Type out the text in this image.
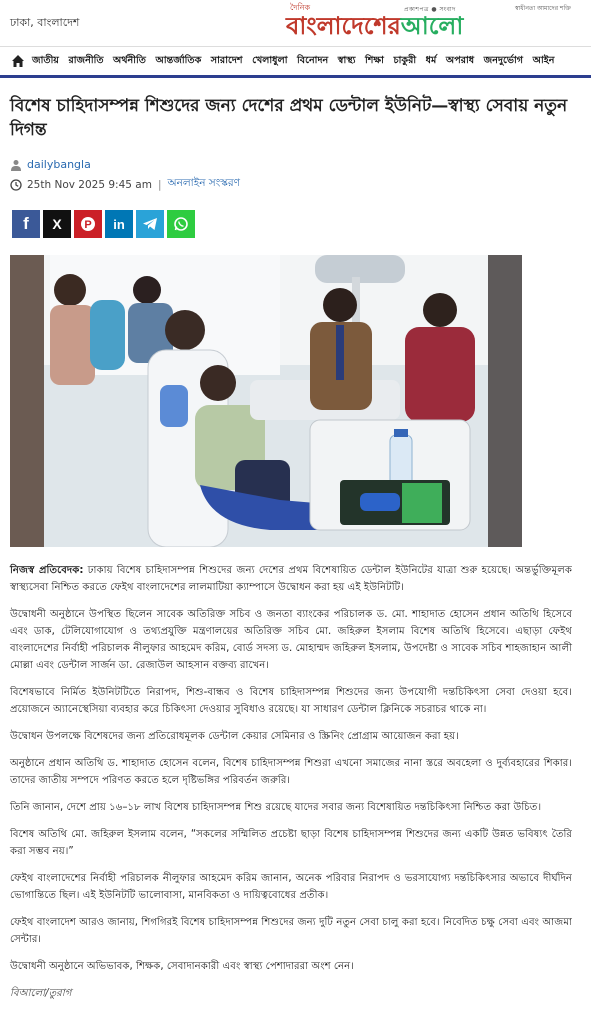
ঢাকা, বাংলাদেশ
দৈনিক	প্রকাশপত্র ● সংবাদ	স্বাধীনতা আমাদের শক্তি
বাংলাদেশেরআলো
জাতীয় রাজনীতি অর্থনীতি আন্তর্জাতিক সারাদেশ খেলাধুলা বিনোদন স্বাস্থ্য শিক্ষা চাকুরী ধর্ম অপরাধ জনদুর্ভোগ আইন
বিশেষ চাহিদাসম্পন্ন শিশুদের জন্য দেশের প্রথম ডেন্টাল ইউনিট—স্বাস্থ্য সেবায় নতুন দিগন্ত
dailybangla
25th Nov 2025 9:45 am | অনলাইন সংস্করণ
f	X	P	in

নিজস্ব প্রতিবেদক: ঢাকায় বিশেষ চাহিদাসম্পন্ন শিশুদের জন্য দেশের প্রথম বিশেষায়িত ডেন্টাল ইউনিটের যাত্রা শুরু হয়েছে। অন্তর্ভুক্তিমূলক স্বাস্থ্যসেবা নিশ্চিত করতে ফেইথ বাংলাদেশের লালমাটিয়া ক্যাম্পাসে উদ্বোধন করা হয় এই ইউনিটটি।

উদ্বোধনী অনুষ্ঠানে উপস্থিত ছিলেন সাবেক অতিরিক্ত সচিব ও জনতা ব্যাংকের পরিচালক ড. মো. শাহাদাত হোসেন প্রধান অতিথি হিসেবে এবং ডাক, টেলিযোগাযোগ ও তথ্যপ্রযুক্তি মন্ত্রণালয়ের অতিরিক্ত সচিব মো. জহিরুল ইসলাম বিশেষ অতিথি হিসেবে। এছাড়া ফেইথ বাংলাদেশের নির্বাহী পরিচালক নীলুফার আহমেদ করিম, বোর্ড সদস্য ড. মোহাম্মদ জহিরুল ইসলাম, উপদেষ্টা ও সাবেক সচিব শাহজাহান আলী মোল্লা এবং ডেন্টাল সার্জন ডা. রেজাউল আহসান বক্তব্য রাখেন।

বিশেষভাবে নির্মিত ইউনিটটিতে নিরাপদ, শিশু-বান্ধব ও বিশেষ চাহিদাসম্পন্ন শিশুদের জন্য উপযোগী দন্তচিকিৎসা সেবা দেওয়া হবে। প্রয়োজনে অ্যানেস্থেসিয়া ব্যবহার করে চিকিৎসা দেওয়ার সুবিধাও রয়েছে। যা সাধারণ ডেন্টাল ক্লিনিকে সচরাচর থাকে না।

উদ্বোধন উপলক্ষে বিশেষদের জন্য প্রতিরোধমূলক ডেন্টাল কেয়ার সেমিনার ও স্ক্রিনিং প্রোগ্রাম আয়োজন করা হয়।

অনুষ্ঠানে প্রধান অতিথি ড. শাহাদাত হোসেন বলেন, বিশেষ চাহিদাসম্পন্ন শিশুরা এখনো সমাজের নানা স্তরে অবহেলা ও দুর্ব্যবহারের শিকার। তাদের জাতীয় সম্পদে পরিণত করতে হলে দৃষ্টিভঙ্গির পরিবর্তন জরুরি।

তিনি জানান, দেশে প্রায় ১৬–১৮ লাখ বিশেষ চাহিদাসম্পন্ন শিশু রয়েছে যাদের সবার জন্য বিশেষায়িত দন্তচিকিৎসা নিশ্চিত করা উচিত।

বিশেষ অতিথি মো. জহিরুল ইসলাম বলেন, “সকলের সম্মিলিত প্রচেষ্টা ছাড়া বিশেষ চাহিদাসম্পন্ন শিশুদের জন্য একটি উন্নত ভবিষ্যৎ তৈরি করা সম্ভব নয়।”

ফেইথ বাংলাদেশের নির্বাহী পরিচালক নীলুফার আহমেদ করিম জানান, অনেক পরিবার নিরাপদ ও ভরসাযোগ্য দন্তচিকিৎসার অভাবে দীর্ঘদিন ভোগান্তিতে ছিল। এই ইউনিটটি ভালোবাসা, মানবিকতা ও দায়িত্ববোধের প্রতীক।

ফেইথ বাংলাদেশ আরও জানায়, শিগগিরই বিশেষ চাহিদাসম্পন্ন শিশুদের জন্য দুটি নতুন সেবা চালু করা হবে। নিবেদিত চক্ষু সেবা এবং আজমা সেন্টার।

উদ্বোধনী অনুষ্ঠানে অভিভাবক, শিক্ষক, সেবাদানকারী এবং স্বাস্থ্য পেশাদাররা অংশ নেন।

বিআলো/তুরাগ
